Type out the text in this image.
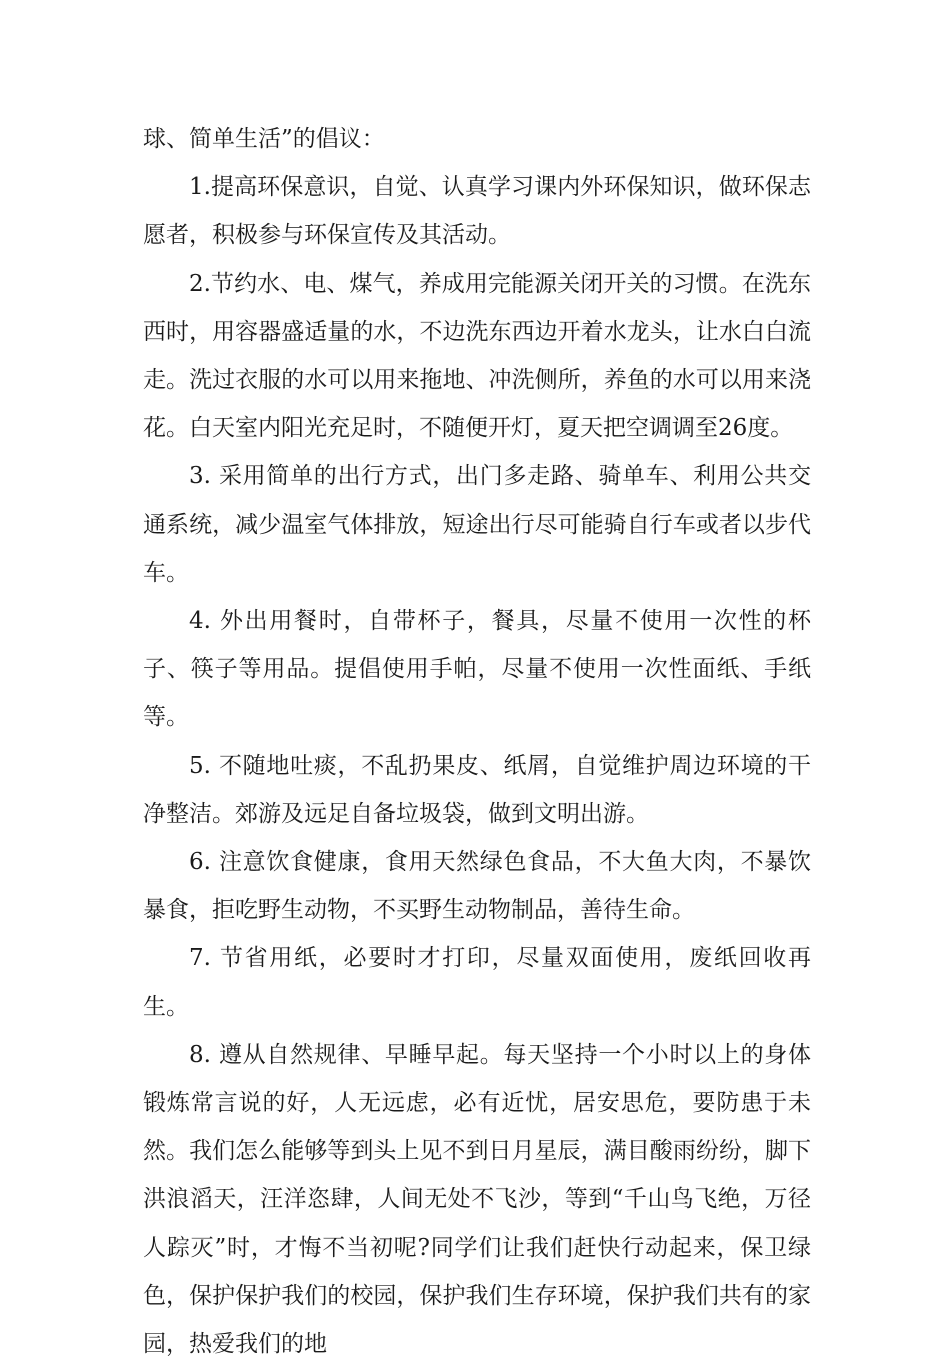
球、简单生活”的倡议：

1.提高环保意识，自觉、认真学习课内外环保知识，做环保志愿者，积极参与环保宣传及其活动。

2.节约水、电、煤气，养成用完能源关闭开关的习惯。在洗东西时，用容器盛适量的水，不边洗东西边开着水龙头，让水白白流走。洗过衣服的水可以用来拖地、冲洗侧所，养鱼的水可以用来浇花。白天室内阳光充足时，不随便开灯，夏天把空调调至26度。

3. 采用简单的出行方式，出门多走路、骑单车、利用公共交通系统，减少温室气体排放，短途出行尽可能骑自行车或者以步代车。

4. 外出用餐时，自带杯子，餐具，尽量不使用一次性的杯子、筷子等用品。提倡使用手帕，尽量不使用一次性面纸、手纸等。

5. 不随地吐痰，不乱扔果皮、纸屑，自觉维护周边环境的干净整洁。郊游及远足自备垃圾袋，做到文明出游。

6. 注意饮食健康，食用天然绿色食品，不大鱼大肉，不暴饮暴食，拒吃野生动物，不买野生动物制品，善待生命。

7. 节省用纸，必要时才打印，尽量双面使用，废纸回收再生。

8. 遵从自然规律、早睡早起。每天坚持一个小时以上的身体锻炼常言说的好，人无远虑，必有近忧，居安思危，要防患于未然。我们怎么能够等到头上见不到日月星辰，满目酸雨纷纷，脚下洪浪滔天，汪洋恣肆，人间无处不飞沙，等到“千山鸟飞绝，万径人踪灭”时，才悔不当初呢?同学们让我们赶快行动起来，保卫绿色，保护保护我们的校园，保护我们生存环境，保护我们共有的家园，热爱我们的地
